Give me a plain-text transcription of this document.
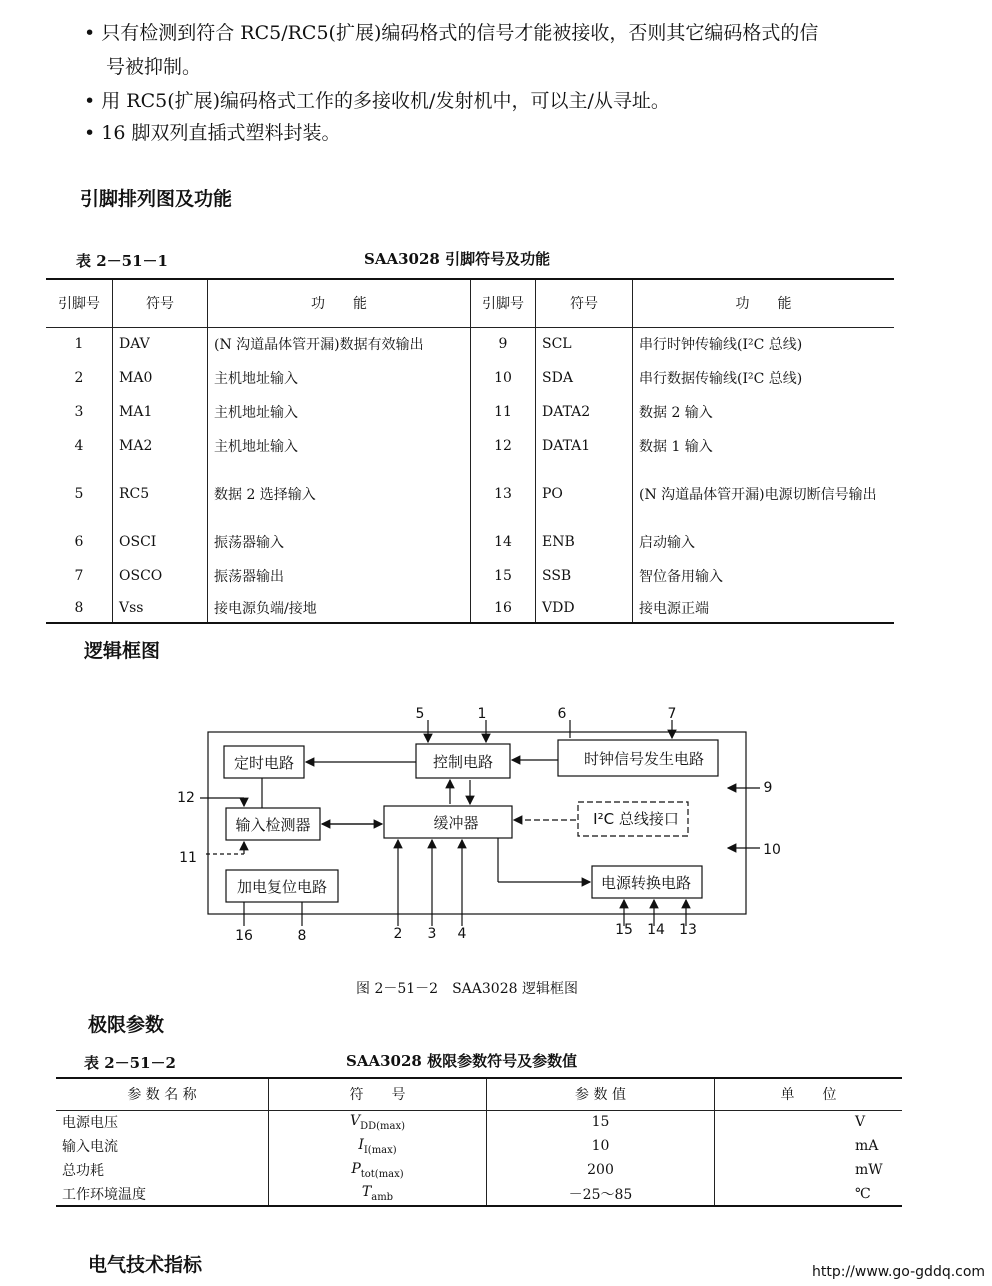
• 只有检测到符合 RC5/RC5(扩展)编码格式的信号才能被接收，否则其它编码格式的信
号被抑制。
• 用 RC5(扩展)编码格式工作的多接收机/发射机中，可以主/从寻址。
• 16 脚双列直插式塑料封装。
引脚排列图及功能
表 2－51－1	SAA3028 引脚符号及功能
引脚号	符号	功　　能	引脚号	符号	功　　能
1	DAV	(N 沟道晶体管开漏)数据有效输出	9	SCL	串行时钟传输线(I²C 总线)
2	MA0	主机地址输入	10	SDA	串行数据传输线(I²C 总线)
3	MA1	主机地址输入	11	DATA2	数据 2 输入
4	MA2	主机地址输入	12	DATA1	数据 1 输入
5	RC5	数据 2 选择输入	13	PO	(N 沟道晶体管开漏)电源切断信号输出
6	OSCI	振荡器输入	14	ENB	启动输入
7	OSCO	振荡器输出	15	SSB	智位备用输入
8	Vss	接电源负端/接地	16	VDD	接电源正端
逻辑框图
定时电路	控制电路	时钟信号发生电路
输入检测器	缓冲器	I²C 总线接口
电源转换电路
加电复位电路
5	1	6	7
9
12
11	10
16	8	2 3 4	15 14 13
图 2－51－2　SAA3028 逻辑框图
极限参数
表 2－51－2	SAA3028 极限参数符号及参数值
参 数 名 称	符　　号	参 数 值	单　　位
电源电压	$V_{DD(max)}$	15	V
输入电流	$I_{I(max)}$	10	mA
总功耗	$P_{tot(max)}$	200	mW
工作环境温度	$T_{amb}$	－25～85	℃
电气技术指标	http://www.go-gddq.com
